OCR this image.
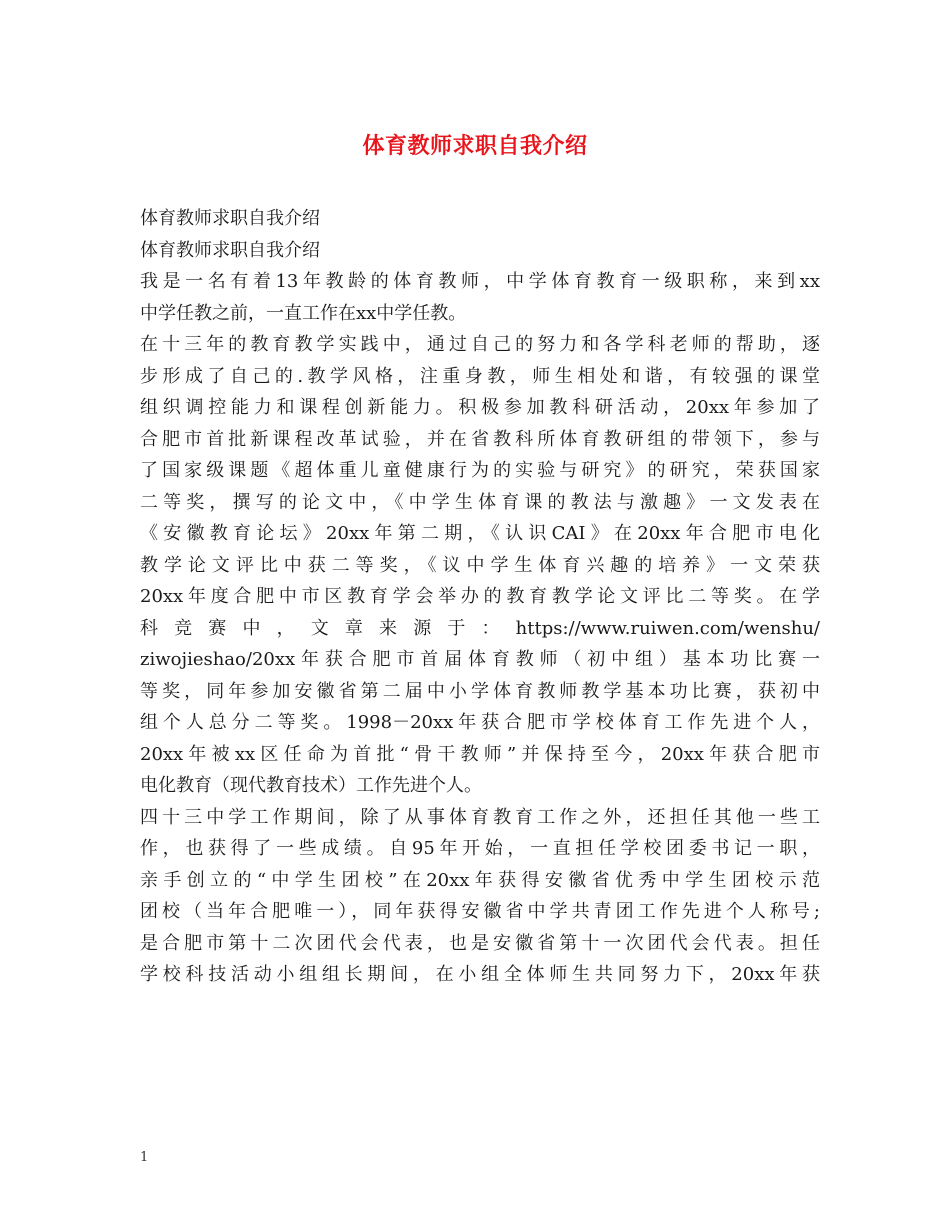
体育教师求职自我介绍
体育教师求职自我介绍
体育教师求职自我介绍
我是一名有着13年教龄的体育教师，中学体育教育一级职称，来到xx
中学任教之前，一直工作在xx中学任教。
在十三年的教育教学实践中，通过自己的努力和各学科老师的帮助，逐
步形成了自己的.教学风格，注重身教，师生相处和谐，有较强的课堂
组织调控能力和课程创新能力。积极参加教科研活动，20xx年参加了
合肥市首批新课程改革试验，并在省教科所体育教研组的带领下，参与
了国家级课题《超体重儿童健康行为的实验与研究》的研究，荣获国家
二等奖，撰写的论文中，《中学生体育课的教法与激趣》一文发表在
《安徽教育论坛》20xx年第二期，《认识CAI》在20xx年合肥市电化
教学论文评比中获二等奖，《议中学生体育兴趣的培养》一文荣获
20xx年度合肥中市区教育学会举办的教育教学论文评比二等奖。在学
科 竞 赛 中 ， 文 章 来 源 于 ： https://www.ruiwen.com/wenshu/
ziwojieshao/20xx年获合肥市首届体育教师（初中组）基本功比赛一
等奖，同年参加安徽省第二届中小学体育教师教学基本功比赛，获初中
组个人总分二等奖。1998－20xx年获合肥市学校体育工作先进个人，
20xx年被xx区任命为首批“骨干教师”并保持至今，20xx年获合肥市
电化教育（现代教育技术）工作先进个人。
四十三中学工作期间，除了从事体育教育工作之外，还担任其他一些工
作，也获得了一些成绩。自95年开始，一直担任学校团委书记一职，
亲手创立的“中学生团校”在20xx年获得安徽省优秀中学生团校示范
团校（当年合肥唯一），同年获得安徽省中学共青团工作先进个人称号;
是合肥市第十二次团代会代表，也是安徽省第十一次团代会代表。担任
学校科技活动小组组长期间，在小组全体师生共同努力下，20xx年获
1
